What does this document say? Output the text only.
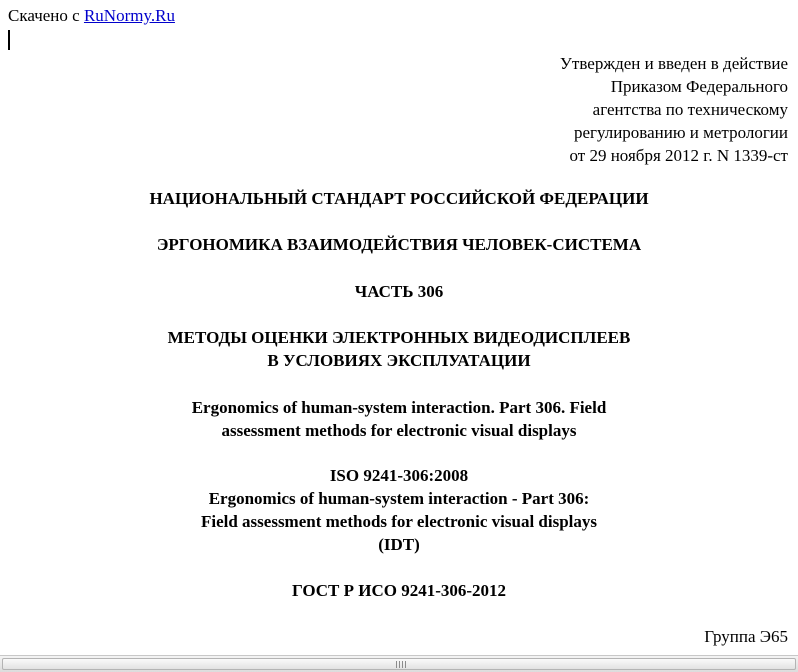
Скачено с RuNormy.Ru
Утвержден и введен в действие
Приказом Федерального
агентства по техническому
регулированию и метрологии
от 29 ноября 2012 г. N 1339-ст
НАЦИОНАЛЬНЫЙ СТАНДАРТ РОССИЙСКОЙ ФЕДЕРАЦИИ
ЭРГОНОМИКА ВЗАИМОДЕЙСТВИЯ ЧЕЛОВЕК-СИСТЕМА
ЧАСТЬ 306
МЕТОДЫ ОЦЕНКИ ЭЛЕКТРОННЫХ ВИДЕОДИСПЛЕЕВ
В УСЛОВИЯХ ЭКСПЛУАТАЦИИ
Ergonomics of human-system interaction. Part 306. Field
assessment methods for electronic visual displays
ISO 9241-306:2008
Ergonomics of human-system interaction - Part 306:
Field assessment methods for electronic visual displays
(IDT)
ГОСТ Р ИСО 9241-306-2012
Группа Э65
